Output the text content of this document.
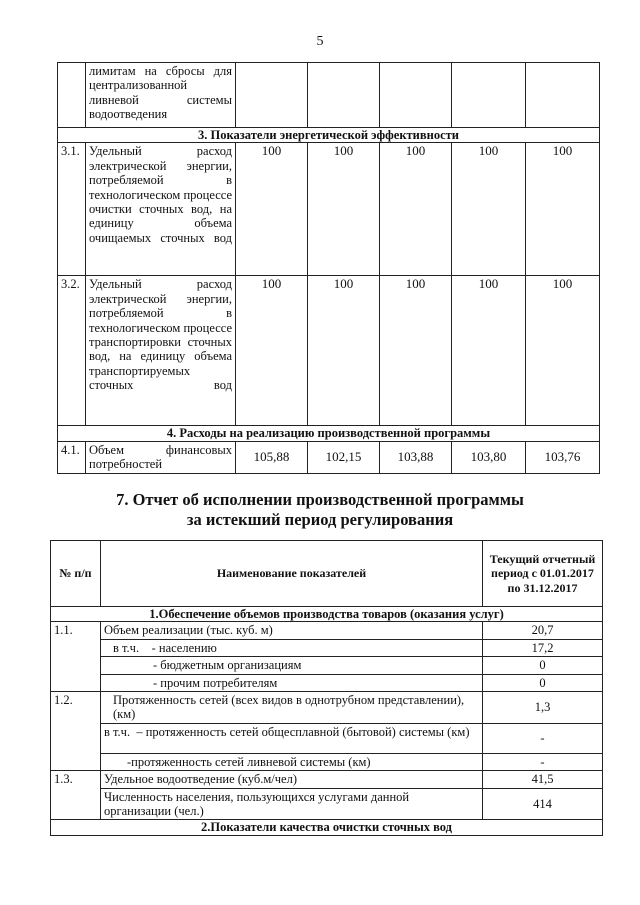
5
	лимитам на сбросы для централизованной ливневой системы водоотведения					
3. Показатели энергетической эффективности						
3.1.	Удельный расход электрической энергии, потребляемой в технологическом процессе очистки сточных вод, на единицу объема очищаемых сточных вод	100	100	100	100	100
3.2.	Удельный расход электрической энергии, потребляемой в технологическом процессе транспортировки сточных вод, на единицу объема транспортируемых сточных вод	100	100	100	100	100
4. Расходы на реализацию производственной программы						
4.1.	Объем финансовых потребностей	105,88	102,15	103,88	103,80	103,76
7. Отчет об исполнении производственной программы
за истекший период регулирования
№ п/п	Наименование показателей	Текущий отчетный период с 01.01.2017 по 31.12.2017
1.Обеспечение объемов производства товаров (оказания услуг)		
1.1.	Объем реализации (тыс. куб. м)	20,7
	в т.ч.    - населению	17,2
	- бюджетным организациям	0
	- прочим потребителям	0
1.2.	Протяженность сетей (всех видов в однотрубном представлении), (км)	1,3
	в т.ч.  – протяженность сетей общесплавной (бытовой) системы (км)	-
	-протяженность сетей ливневой системы (км)	-
1.3.	Удельное водоотведение (куб.м/чел)	41,5
	Численность населения, пользующихся услугами данной организации (чел.)	414
2.Показатели качества очистки сточных вод		
